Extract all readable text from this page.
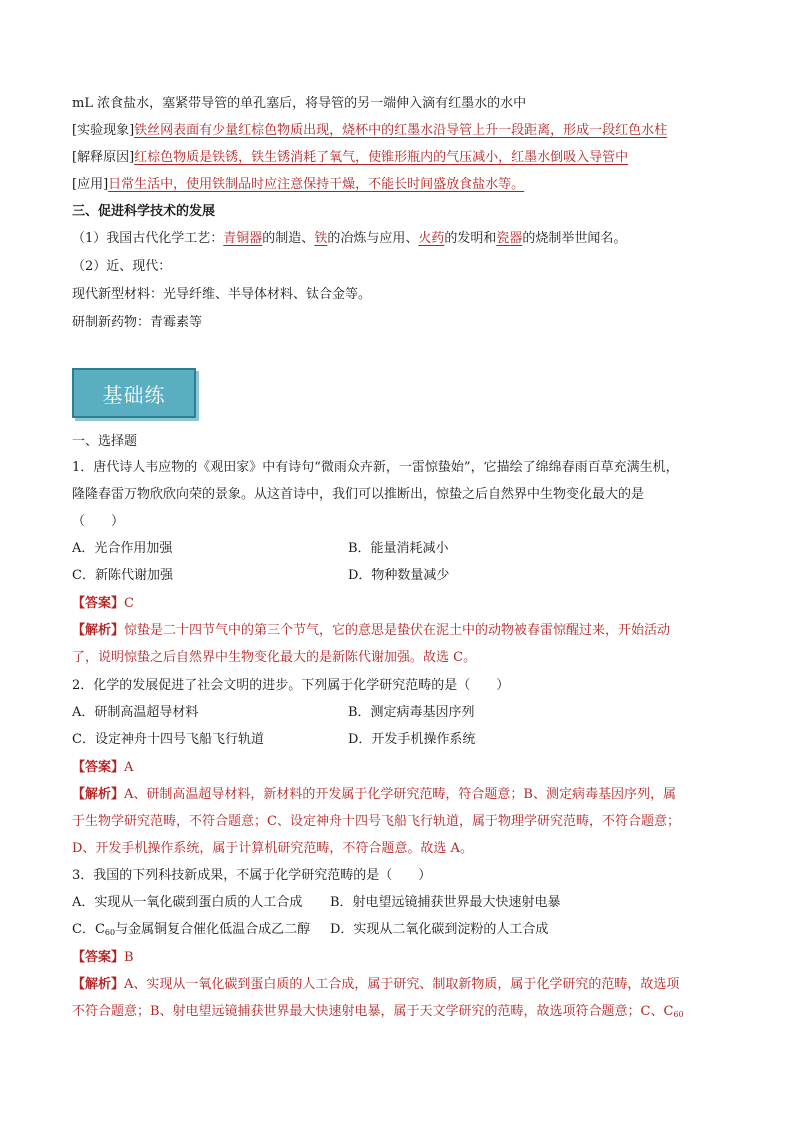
mL 浓食盐水，塞紧带导管的单孔塞后，将导管的另一端伸入滴有红墨水的水中
[实验现象]铁丝网表面有少量红棕色物质出现，烧杯中的红墨水沿导管上升一段距离，形成一段红色水柱
[解释原因]红棕色物质是铁锈，铁生锈消耗了氧气，使锥形瓶内的气压减小，红墨水倒吸入导管中
[应用]日常生活中，使用铁制品时应注意保持干燥，不能长时间盛放食盐水等。
三、促进科学技术的发展
（1）我国古代化学工艺：青铜器的制造、铁的冶炼与应用、火药的发明和瓷器的烧制举世闻名。
（2）近、现代：
现代新型材料：光导纤维、半导体材料、钛合金等。
研制新药物：青霉素等
基础练
一、选择题
1．唐代诗人韦应物的《观田家》中有诗句“微雨众卉新，一雷惊蛰始”，它描绘了绵绵春雨百草充满生机，
隆隆春雷万物欣欣向荣的景象。从这首诗中，我们可以推断出，惊蛰之后自然界中生物变化最大的是
（　　）
A．光合作用加强	B．能量消耗减小
C．新陈代谢加强	D．物种数量减少
【答案】C
【解析】惊蛰是二十四节气中的第三个节气，它的意思是蛰伏在泥土中的动物被春雷惊醒过来，开始活动
了，说明惊蛰之后自然界中生物变化最大的是新陈代谢加强。故选 C。
2．化学的发展促进了社会文明的进步。下列属于化学研究范畴的是（　　）
A．研制高温超导材料	B．测定病毒基因序列
C．设定神舟十四号飞船飞行轨道	D．开发手机操作系统
【答案】A
【解析】A、研制高温超导材料，新材料的开发属于化学研究范畴，符合题意；B、测定病毒基因序列，属
于生物学研究范畴，不符合题意；C、设定神舟十四号飞船飞行轨道，属于物理学研究范畴，不符合题意；
D、开发手机操作系统，属于计算机研究范畴，不符合题意。故选 A。
3．我国的下列科技新成果，不属于化学研究范畴的是（　　）
A．实现从一氧化碳到蛋白质的人工合成 B．射电望远镜捕获世界最大快速射电暴
C．$C_{60}$与金属铜复合催化低温合成乙二醇 D．实现从二氧化碳到淀粉的人工合成
【答案】B
【解析】A、实现从一氧化碳到蛋白质的人工合成，属于研究、制取新物质，属于化学研究的范畴，故选项
不符合题意；B、射电望远镜捕获世界最大快速射电暴，属于天文学研究的范畴，故选项符合题意；C、$C_{60}$
